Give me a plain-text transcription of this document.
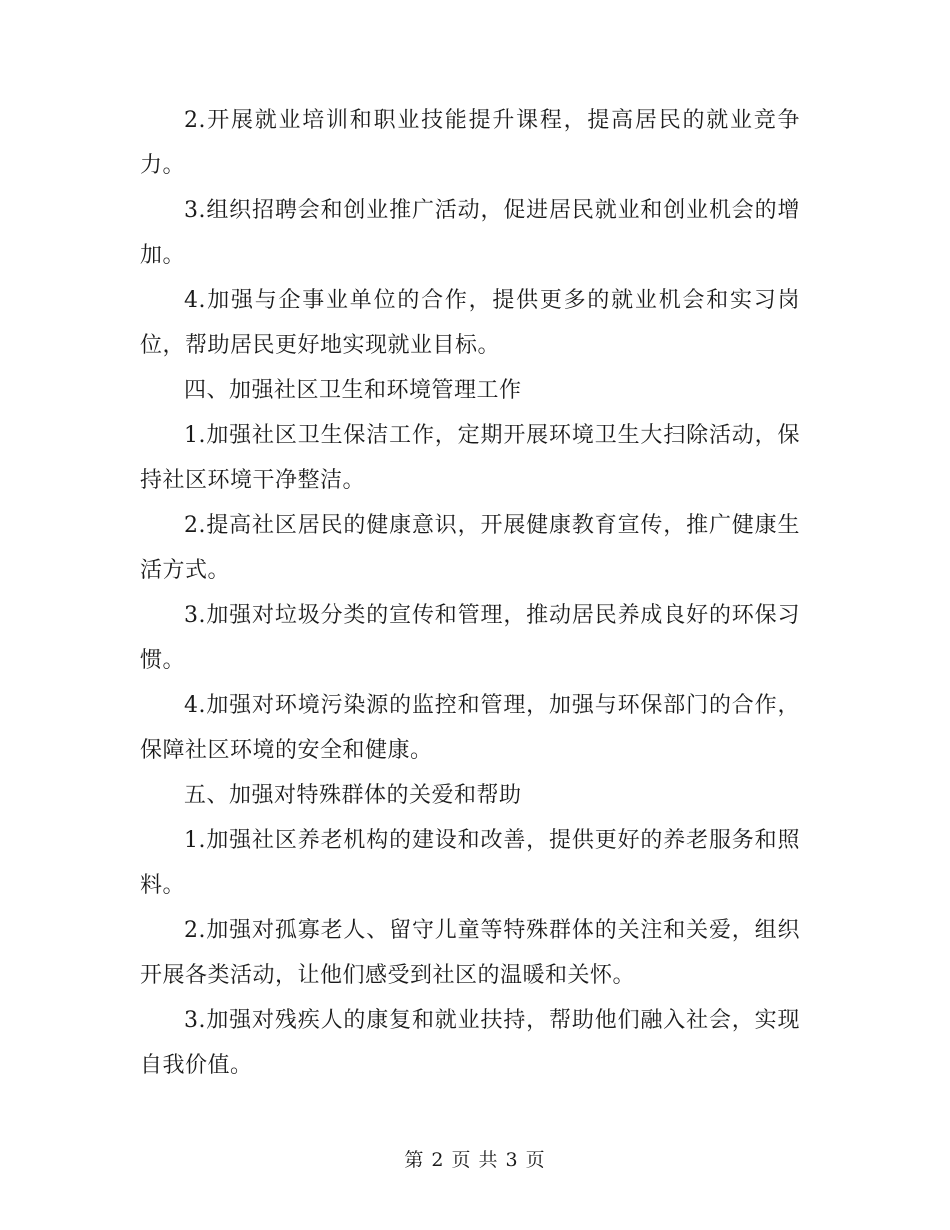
2.开展就业培训和职业技能提升课程，提高居民的就业竞争力。

3.组织招聘会和创业推广活动，促进居民就业和创业机会的增加。

4.加强与企事业单位的合作，提供更多的就业机会和实习岗位，帮助居民更好地实现就业目标。

四、加强社区卫生和环境管理工作

1.加强社区卫生保洁工作，定期开展环境卫生大扫除活动，保持社区环境干净整洁。

2.提高社区居民的健康意识，开展健康教育宣传，推广健康生活方式。

3.加强对垃圾分类的宣传和管理，推动居民养成良好的环保习惯。

4.加强对环境污染源的监控和管理，加强与环保部门的合作，保障社区环境的安全和健康。

五、加强对特殊群体的关爱和帮助

1.加强社区养老机构的建设和改善，提供更好的养老服务和照料。

2.加强对孤寡老人、留守儿童等特殊群体的关注和关爱，组织开展各类活动，让他们感受到社区的温暖和关怀。

3.加强对残疾人的康复和就业扶持，帮助他们融入社会，实现自我价值。

第 2 页 共 3 页
